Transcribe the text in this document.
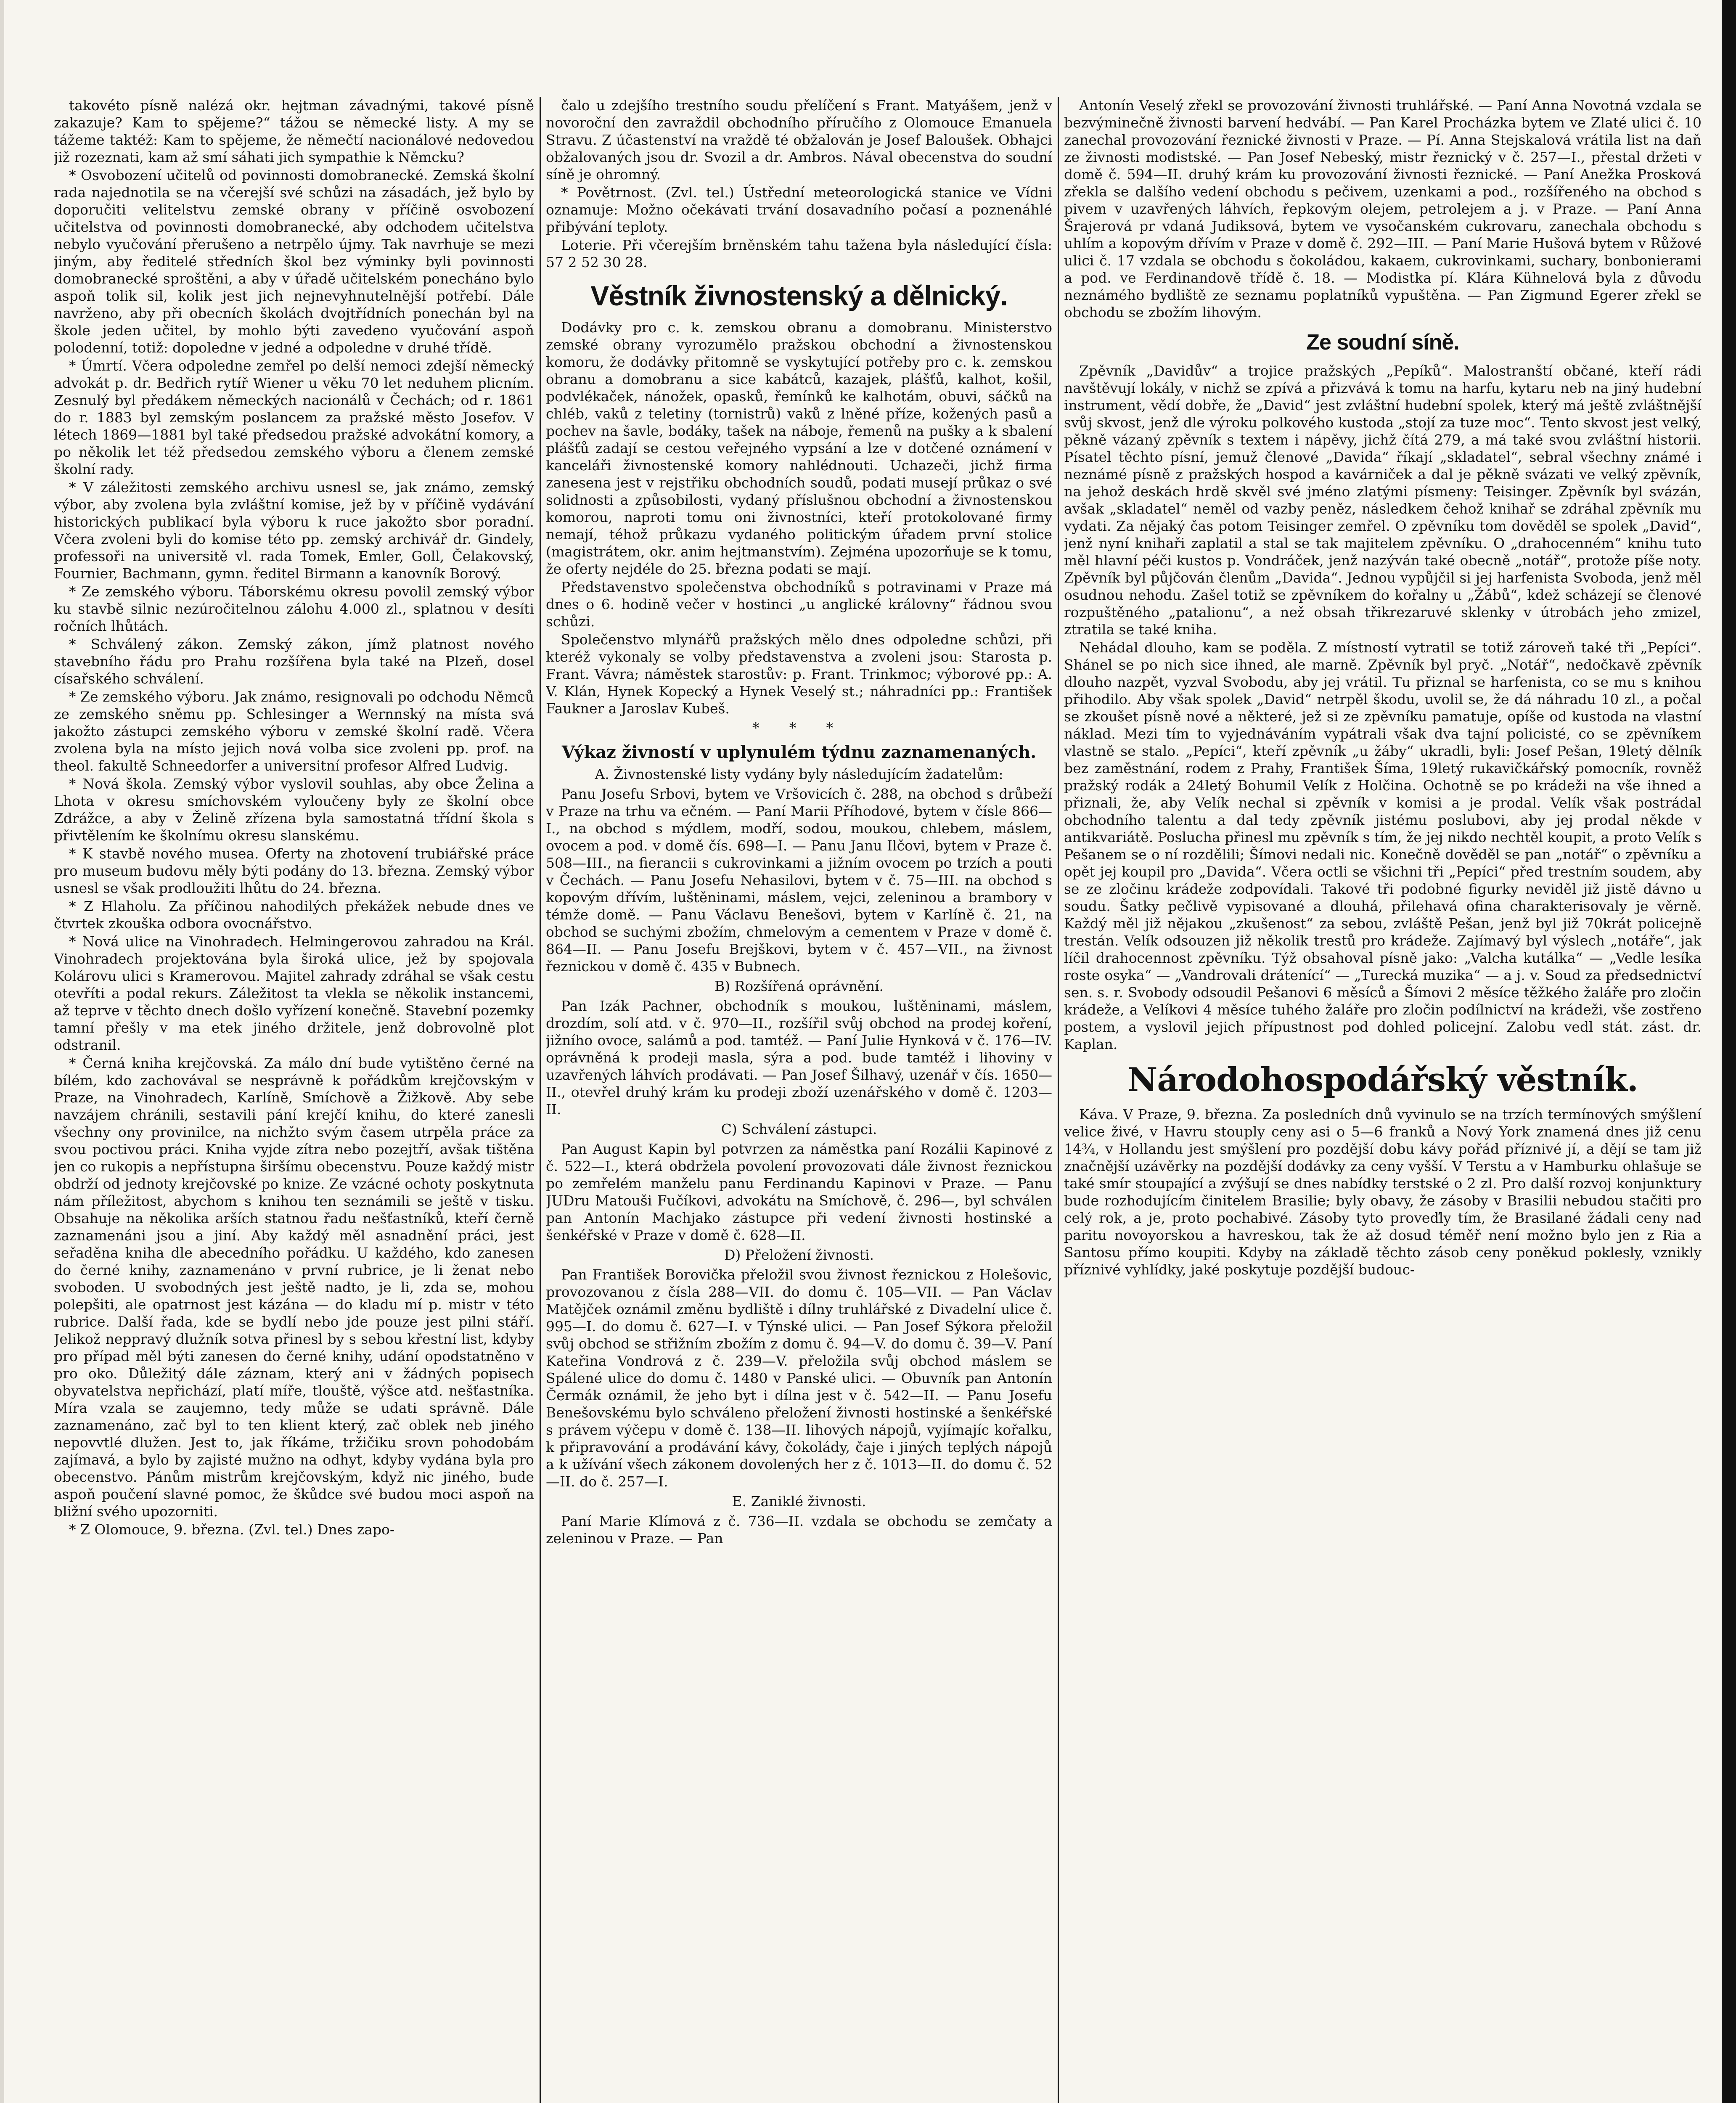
takovéto písně nalézá okr. hejtman závadnými, takové písně zakazuje? Kam to spějeme?“ tážou se německé listy. A my se tážeme taktéž: Kam to spějeme, že němečtí nacionálové nedovedou již rozeznati, kam až smí sáhati jich sympathie k Němcku?

* Osvobození učitelů od povinnosti domobranecké. Zemská školní rada najednotila se na včerejší své schůzi na zásadách, jež bylo by doporučiti velitelstvu zemské obrany v příčině osvobození učitelstva od povinnosti domobranecké, aby odchodem učitelstva nebylo vyučování přerušeno a netrpělo újmy. Tak navrhuje se mezi jiným, aby ředitelé středních škol bez výminky byli povinnosti domobranecké sproštěni, a aby v úřadě učitelském ponecháno bylo aspoň tolik sil, kolik jest jich nejnevyhnutelnější potřebí. Dále navrženo, aby při obecních školách dvojtřídních ponechán byl na škole jeden učitel, by mohlo býti zavedeno vyučování aspoň polodenní, totiž: dopoledne v jedné a odpoledne v druhé třídě.

* Úmrtí. Včera odpoledne zemřel po delší nemoci zdejší německý advokát p. dr. Bedřich rytíř Wiener u věku 70 let neduhem plicním. Zesnulý byl předákem německých nacionálů v Čechách; od r. 1861 do r. 1883 byl zemským poslancem za pražské město Josefov. V létech 1869—1881 byl také předsedou pražské advokátní komory, a po několik let též předsedou zemského výboru a členem zemské školní rady.

* V záležitosti zemského archivu usnesl se, jak známo, zemský výbor, aby zvolena byla zvláštní komise, jež by v příčině vydávání historických publikací byla výboru k ruce jakožto sbor poradní. Včera zvoleni byli do komise této pp. zemský archivář dr. Gindely, professoři na universitě vl. rada Tomek, Emler, Goll, Čelakovský, Fournier, Bachmann, gymn. ředitel Birmann a kanovník Borový.

* Ze zemského výboru. Táborskému okresu povolil zemský výbor ku stavbě silnic nezúročitelnou zálohu 4.000 zl., splatnou v desíti ročních lhůtách.

* Schválený zákon. Zemský zákon, jímž platnost nového stavebního řádu pro Prahu rozšířena byla také na Plzeň, dosel císařského schválení.

* Ze zemského výboru. Jak známo, resignovali po odchodu Němců ze zemského sněmu pp. Schlesinger a Wernnský na místa svá jakožto zástupci zemského výboru v zemské školní radě. Včera zvolena byla na místo jejich nová volba sice zvoleni pp. prof. na theol. fakultě Schneedorfer a universitní profesor Alfred Ludvig.

* Nová škola. Zemský výbor vyslovil souhlas, aby obce Želina a Lhota v okresu smíchovském vyloučeny byly ze školní obce Zdrážce, a aby v Želině zřízena byla samostatná třídní škola s přivtělením ke školnímu okresu slanskému.

* K stavbě nového musea. Oferty na zhotovení trubiářské práce pro museum budovu měly býti podány do 13. března. Zemský výbor usnesl se však prodloužiti lhůtu do 24. března.

* Z Hlaholu. Za příčinou nahodilých překážek nebude dnes ve čtvrtek zkouška odbora ovocnářstvo.

* Nová ulice na Vinohradech. Helmingerovou zahradou na Král. Vinohradech projektována byla široká ulice, jež by spojovala Kolárovu ulici s Kramerovou. Majitel zahrady zdráhal se však cestu otevříti a podal rekurs. Záležitost ta vlekla se několik instancemi, až teprve v těchto dnech došlo vyřízení konečně. Stavební pozemky tamní přešly v ma etek jiného držitele, jenž dobrovolně plot odstranil.

* Černá kniha krejčovská. Za málo dní bude vytištěno černé na bílém, kdo zachovával se nesprávně k pořádkům krejčovským v Praze, na Vinohradech, Karlíně, Smíchově a Žižkově. Aby sebe navzájem chránili, sestavili pání krejčí knihu, do které zanesli všechny ony provinilce, na nichžto svým časem utrpěla práce za svou poctivou práci. Kniha vyjde zítra nebo pozejtří, avšak tištěna jen co rukopis a nepřístupna širšímu obecenstvu. Pouze každý mistr obdrží od jednoty krejčovské po knize. Ze vzácné ochoty poskytnuta nám příležitost, abychom s knihou ten seznámili se ještě v tisku. Obsahuje na několika arších statnou řadu nešťastníků, kteří černě zaznamenáni jsou a jiní. Aby každý měl asnadnění práci, jest seřaděna kniha dle abecedního pořádku. U každého, kdo zanesen do černé knihy, zaznamenáno v první rubrice, je li ženat nebo svoboden. U svobodných jest ještě nadto, je li, zda se, mohou polepšiti, ale opatrnost jest kázána — do kladu mí p. mistr v této rubrice. Další řada, kde se bydlí nebo jde pouze jest pilni stáří. Jelikož neppravý dlužník sotva přinesl by s sebou křestní list, kdyby pro případ měl býti zanesen do černé knihy, udání opodstatněno v pro oko. Důležitý dále záznam, který ani v žádných popisech obyvatelstva nepřichází, platí míře, tlouště, výšce atd. nešťastníka. Míra vzala se zaujemno, tedy může se udati správně. Dále zaznamenáno, zač byl to ten klient který, zač oblek neb jiného nepovvtlé dlužen. Jest to, jak říkáme, tržičiku srovn pohodobám zajímavá, a bylo by zajisté mužno na odhyt, kdyby vydána byla pro obecenstvo. Pánům mistrům krejčovským, když nic jiného, bude aspoň poučení slavné pomoc, že škůdce své budou moci aspoň na bližní svého upozorniti.

* Z Olomouce, 9. března. (Zvl. tel.) Dnes zapo-

čalo u zdejšího trestního soudu přelíčení s Frant. Matyášem, jenž v novoroční den zavraždil obchodního příručího z Olomouce Emanuela Stravu. Z účastenství na vraždě té obžalován je Josef Baloušek. Obhajci obžalovaných jsou dr. Svozil a dr. Ambros. Nával obecenstva do soudní síně je ohromný.

* Povětrnost. (Zvl. tel.) Ústřední meteorologická stanice ve Vídni oznamuje: Možno očekávati trvání dosavadního počasí a poznenáhlé přibývání teploty.

Loterie. Při včerejším brněnském tahu tažena byla následující čísla: 57 2 52 30 28.

Věstník živnostenský a dělnický.

Dodávky pro c. k. zemskou obranu a domobranu. Ministerstvo zemské obrany vyrozumělo pražskou obchodní a živnostenskou komoru, že dodávky přitomně se vyskytující potřeby pro c. k. zemskou obranu a domobranu a sice kabátců, kazajek, plášťů, kalhot, košil, podvlékaček, nánožek, opasků, řemínků ke kalhotám, obuvi, sáčků na chléb, vaků z teletiny (tornistrů) vaků z lněné příze, kožených pasů a pochev na šavle, bodáky, tašek na náboje, řemenů na pušky a k sbalení plášťů zadají se cestou veřejného vypsání a lze v dotčené oznámení v kanceláři živnostenské komory nahlédnouti. Uchazeči, jichž firma zanesena jest v rejstřiku obchodních soudů, podati musejí průkaz o své solidnosti a způsobilosti, vydaný příslušnou obchodní a živnostenskou komorou, naproti tomu oni živnostníci, kteří protokolované firmy nemají, téhož průkazu vydaného politickým úřadem první stolice (magistrátem, okr. anim hejtmanstvím). Zejména upozorňuje se k tomu, že oferty nejdéle do 25. března podati se mají.

Představenstvo společenstva obchodníků s potravinami v Praze má dnes o 6. hodině večer v hostinci „u anglické královny“ řádnou svou schůzi.

Společenstvo mlynářů pražských mělo dnes odpoledne schůzi, při kteréž vykonaly se volby představenstva a zvoleni jsou: Starosta p. Frant. Vávra; náměstek starostův: p. Frant. Trinkmoc; výborové pp.: A. V. Klán, Hynek Kopecký a Hynek Veselý st.; náhradníci pp.: František Faukner a Jaroslav Kubeš.

* * *
Výkaz živností v uplynulém týdnu zaznamenaných.
A. Živnostenské listy vydány byly následujícím žadatelům:

Panu Josefu Srbovi, bytem ve Vršovicích č. 288, na obchod s drůbeží v Praze na trhu va ečném. — Paní Marii Příhodové, bytem v čísle 866—I., na obchod s mýdlem, modří, sodou, moukou, chlebem, máslem, ovocem a pod. v domě čís. 698—I. — Panu Janu Ilčovi, bytem v Praze č. 508—III., na fierancii s cukrovinkami a jižním ovocem po trzích a pouti v Čechách. — Panu Josefu Nehasilovi, bytem v č. 75—III. na obchod s kopovým dřívím, luštěninami, máslem, vejci, zeleninou a brambory v témže domě. — Panu Václavu Benešovi, bytem v Karlíně č. 21, na obchod se suchými zbožím, chmelovým a cementem v Praze v domě č. 864—II. — Panu Josefu Brejškovi, bytem v č. 457—VII., na živnost řeznickou v domě č. 435 v Bubnech.

B) Rozšířená oprávnění.

Pan Izák Pachner, obchodník s moukou, luštěninami, máslem, drozdím, solí atd. v č. 970—II., rozšířil svůj obchod na prodej koření, jižního ovoce, salámů a pod. tamtéž. — Paní Julie Hynková v č. 176—IV. oprávněná k prodeji masla, sýra a pod. bude tamtéž i lihoviny v uzavřených láhvích prodávati. — Pan Josef Šilhavý, uzenář v čís. 1650—II., otevřel druhý krám ku prodeji zboží uzenářského v domě č. 1203—II.

C) Schválení zástupci.

Pan August Kapin byl potvrzen za náměstka paní Rozálii Kapinové z č. 522—I., která obdržela povolení provozovati dále živnost řeznickou po zemřelém manželu panu Ferdinandu Kapinovi v Praze. — Panu JUDru Matouši Fučíkovi, advokátu na Smíchově, č. 296—, byl schválen pan Antonín Machjako zástupce při vedení živnosti hostinské a šenkéřské v Praze v domě č. 628—II.

D) Přeložení živnosti.

Pan František Borovička přeložil svou živnost řeznickou z Holešovic, provozovanou z čísla 288—VII. do domu č. 105—VII. — Pan Václav Matějček oznámil změnu bydliště i dílny truhlářské z Divadelní ulice č. 995—I. do domu č. 627—I. v Týnské ulici. — Pan Josef Sýkora přeložil svůj obchod se střižním zbožím z domu č. 94—V. do domu č. 39—V. Paní Kateřina Vondrová z č. 239—V. přeložila svůj obchod máslem se Spálené ulice do domu č. 1480 v Panské ulici. — Obuvník pan Antonín Čermák oznámil, že jeho byt i dílna jest v č. 542—II. — Panu Josefu Benešovskému bylo schváleno přeložení živnosti hostinské a šenkéřské s právem výčepu v domě č. 138—II. lihových nápojů, vyjímajíc kořalku, k připravování a prodávání kávy, čokolády, čaje i jiných teplých nápojů a k užívání všech zákonem dovolených her z č. 1013—II. do domu č. 52—II. do č. 257—I.

E. Zaniklé živnosti.

Paní Marie Klímová z č. 736—II. vzdala se obchodu se zemčaty a zeleninou v Praze. — Pan

Antonín Veselý zřekl se provozování živnosti truhlářské. — Paní Anna Novotná vzdala se bezvýminečně živnosti barvení hedvábí. — Pan Karel Procházka bytem ve Zlaté ulici č. 10 zanechal provozování řeznické živnosti v Praze. — Pí. Anna Stejskalová vrátila list na daň ze živnosti modistské. — Pan Josef Nebeský, mistr řeznický v č. 257—I., přestal držeti v domě č. 594—II. druhý krám ku provozování živnosti řeznické. — Paní Anežka Prosková zřekla se dalšího vedení obchodu s pečivem, uzenkami a pod., rozšířeného na obchod s pivem v uzavřených láhvích, řepkovým olejem, petrolejem a j. v Praze. — Paní Anna Šrajerová pr vdaná Judiksová, bytem ve vysočanském cukrovaru, zanechala obchodu s uhlím a kopovým dřívím v Praze v domě č. 292—III. — Paní Marie Hušová bytem v Růžové ulici č. 17 vzdala se obchodu s čokoládou, kakaem, cukrovinkami, suchary, bonbonierami a pod. ve Ferdinandově třídě č. 18. — Modistka pí. Klára Kühnelová byla z důvodu neznámého bydliště ze seznamu poplatníků vypuštěna. — Pan Zigmund Egerer zřekl se obchodu se zbožím lihovým.

Ze soudní síně.

Zpěvník „Davidův“ a trojice pražských „Pepíků“. Malostranští občané, kteří rádi navštěvují lokály, v nichž se zpívá a přizvává k tomu na harfu, kytaru neb na jiný hudební instrument, vědí dobře, že „David“ jest zvláštní hudební spolek, který má ještě zvláštnější svůj skvost, jenž dle výroku polkového kustoda „stojí za tuze moc“. Tento skvost jest velký, pěkně vázaný zpěvník s textem i nápěvy, jichž čítá 279, a má také svou zvláštní historii. Písatel těchto písní, jemuž členové „Davida“ říkají „skladatel“, sebral všechny známé i neznámé písně z pražských hospod a kavárniček a dal je pěkně svázati ve velký zpěvník, na jehož deskách hrdě skvěl své jméno zlatými písmeny: Teisinger. Zpěvník byl svázán, avšak „skladatel“ neměl od vazby peněz, následkem čehož knihař se zdráhal zpěvník mu vydati. Za nějaký čas potom Teisinger zemřel. O zpěvníku tom dověděl se spolek „David“, jenž nyní knihaři zaplatil a stal se tak majitelem zpěvníku. O „drahocenném“ knihu tuto měl hlavní péči kustos p. Vondráček, jenž nazýván také obecně „notář“, protože píše noty. Zpěvník byl půjčován členům „Davida“. Jednou vypůjčil si jej harfenista Svoboda, jenž měl osudnou nehodu. Zašel totiž se zpěvníkem do kořalny u „Žábů“, kdež scházejí se členové rozpuštěného „patalionu“, a než obsah třikrezaruvé sklenky v útrobách jeho zmizel, ztratila se také kniha.

Nehádal dlouho, kam se poděla. Z místností vytratil se totiž zároveň také tři „Pepíci“. Shánel se po nich sice ihned, ale marně. Zpěvník byl pryč. „Notář“, nedočkavě zpěvník dlouho nazpět, vyzval Svobodu, aby jej vrátil. Tu přiznal se harfenista, co se mu s knihou přihodilo. Aby však spolek „David“ netrpěl škodu, uvolil se, že dá náhradu 10 zl., a počal se zkoušet písně nové a některé, jež si ze zpěvníku pamatuje, opíše od kustoda na vlastní náklad. Mezi tím to vyjednáváním vypátrali však dva tajní policisté, co se zpěvníkem vlastně se stalo. „Pepíci“, kteří zpěvník „u žáby“ ukradli, byli: Josef Pešan, 19letý dělník bez zaměstnání, rodem z Prahy, František Šíma, 19letý rukavičkářský pomocník, rovněž pražský rodák a 24letý Bohumil Velík z Holčina. Ochotně se po krádeži na vše ihned a přiznali, že, aby Velík nechal si zpěvník v komisi a je prodal. Velík však postrádal obchodního talentu a dal tedy zpěvník jistému poslubovi, aby jej prodal někde v antikvariátě. Poslucha přinesl mu zpěvník s tím, že jej nikdo nechtěl koupit, a proto Velík s Pešanem se o ní rozdělili; Šímovi nedali nic. Konečně dověděl se pan „notář“ o zpěvníku a opět jej koupil pro „Davida“. Včera octli se všichni tři „Pepíci“ před trestním soudem, aby se ze zločinu krádeže zodpovídali. Takové tři podobné figurky neviděl již jistě dávno u soudu. Šatky pečlivě vypisované a dlouhá, přilehavá ofina charakterisovaly je věrně. Každý měl již nějakou „zkušenost“ za sebou, zvláště Pešan, jenž byl již 70krát policejně trestán. Velík odsouzen již několik trestů pro krádeže. Zajímavý byl výslech „notáře“, jak líčil drahocennost zpěvníku. Týž obsahoval písně jako: „Valcha kutálka“ — „Vedle lesíka roste osyka“ — „Vandrovali drátenící“ — „Turecká muzika“ — a j. v. Soud za předsednictví sen. s. r. Svobody odsoudil Pešanovi 6 měsíců a Šímovi 2 měsíce těžkého žaláře pro zločin krádeže, a Velíkovi 4 měsíce tuhého žaláře pro zločin podílnictví na krádeži, vše zostřeno postem, a vyslovil jejich přípustnost pod dohled policejní. Zalobu vedl stát. zást. dr. Kaplan.

Národohospodářský věstník.

Káva. V Praze, 9. března. Za posledních dnů vyvinulo se na trzích termínových smýšlení velice živé, v Havru stouply ceny asi o 5—6 franků a Nový York znamená dnes již cenu 14¾, v Hollandu jest smýšlení pro pozdější dobu kávy pořád příznivé jí, a dějí se tam již značnější uzávěrky na pozdější dodávky za ceny vyšší. V Terstu a v Hamburku ohlašuje se také smír stoupající a zvýšují se dnes nabídky terstské o 2 zl. Pro další rozvoj konjunktury bude rozhodujícím činitelem Brasilie; byly obavy, že zásoby v Brasilii nebudou stačiti pro celý rok, a je, proto pochabivé. Zásoby tyto proveďly tím, že Brasilané žádali ceny nad paritu novoyorskou a havreskou, tak že až dosud téměř není možno bylo jen z Ria a Santosu přímo koupiti. Kdyby na základě těchto zásob ceny poněkud poklesly, vznikly příznivé vyhlídky, jaké poskytuje pozdější budouc-
